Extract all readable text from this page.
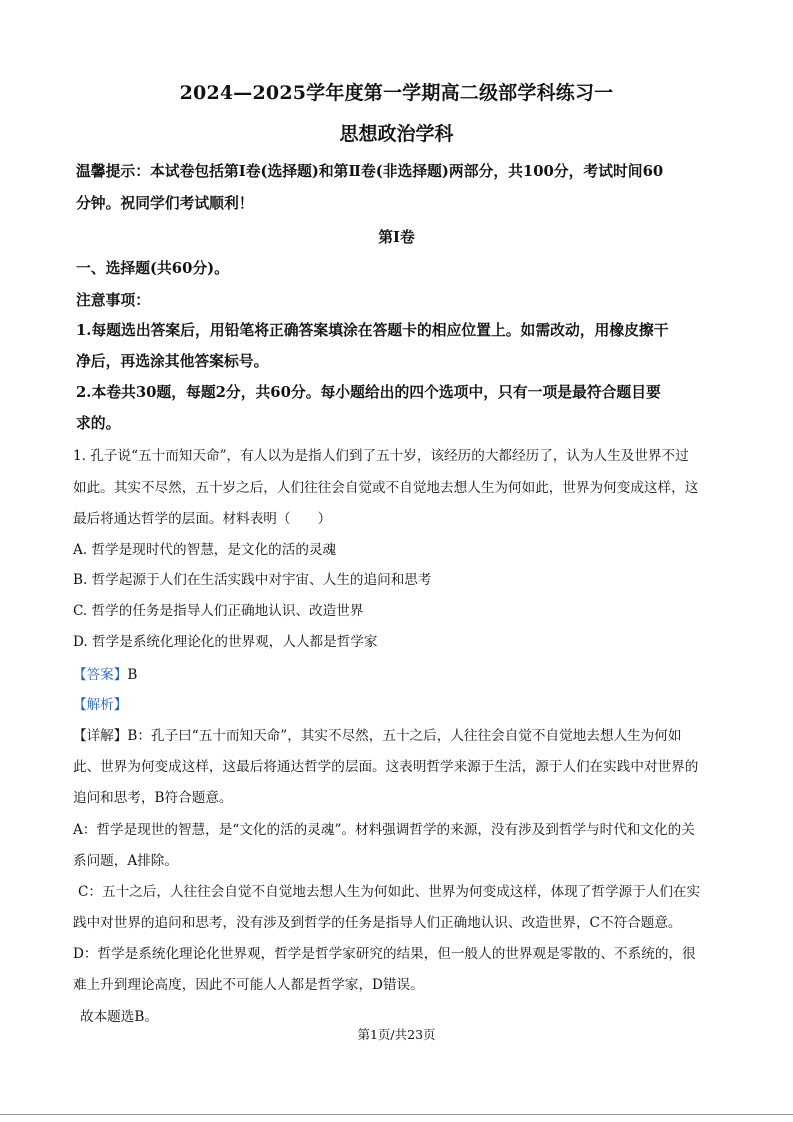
2024—2025学年度第一学期高二级部学科练习一
思想政治学科
温馨提示：本试卷包括第Ⅰ卷(选择题)和第Ⅱ卷(非选择题)两部分，共100分，考试时间60
分钟。祝同学们考试顺利！
第Ⅰ卷
一、选择题(共60分)。
注意事项：
1.每题选出答案后，用铅笔将正确答案填涂在答题卡的相应位置上。如需改动，用橡皮擦干
净后，再选涂其他答案标号。
2.本卷共30题，每题2分，共60分。每小题给出的四个选项中，只有一项是最符合题目要
求的。
1. 孔子说“五十而知天命”，有人以为是指人们到了五十岁，该经历的大都经历了，认为人生及世界不过
如此。其实不尽然，五十岁之后，人们往往会自觉或不自觉地去想人生为何如此，世界为何变成这样，这
最后将通达哲学的层面。材料表明（　　）
A. 哲学是现时代的智慧，是文化的活的灵魂
B. 哲学起源于人们在生活实践中对宇宙、人生的追问和思考
C. 哲学的任务是指导人们正确地认识、改造世界
D. 哲学是系统化理论化的世界观，人人都是哲学家
【答案】B
【解析】
【详解】B：孔子曰“五十而知天命”，其实不尽然，五十之后，人往往会自觉不自觉地去想人生为何如
此、世界为何变成这样，这最后将通达哲学的层面。这表明哲学来源于生活，源于人们在实践中对世界的
追问和思考，B符合题意。
A：哲学是现世的智慧，是“文化的活的灵魂”。材料强调哲学的来源，没有涉及到哲学与时代和文化的关
系问题，A排除。
C：五十之后，人往往会自觉不自觉地去想人生为何如此、世界为何变成这样，体现了哲学源于人们在实
践中对世界的追问和思考，没有涉及到哲学的任务是指导人们正确地认识、改造世界，C不符合题意。
D：哲学是系统化理论化世界观，哲学是哲学家研究的结果，但一般人的世界观是零散的、不系统的，很
难上升到理论高度，因此不可能人人都是哲学家，D错误。
故本题选B。
第1页/共23页
